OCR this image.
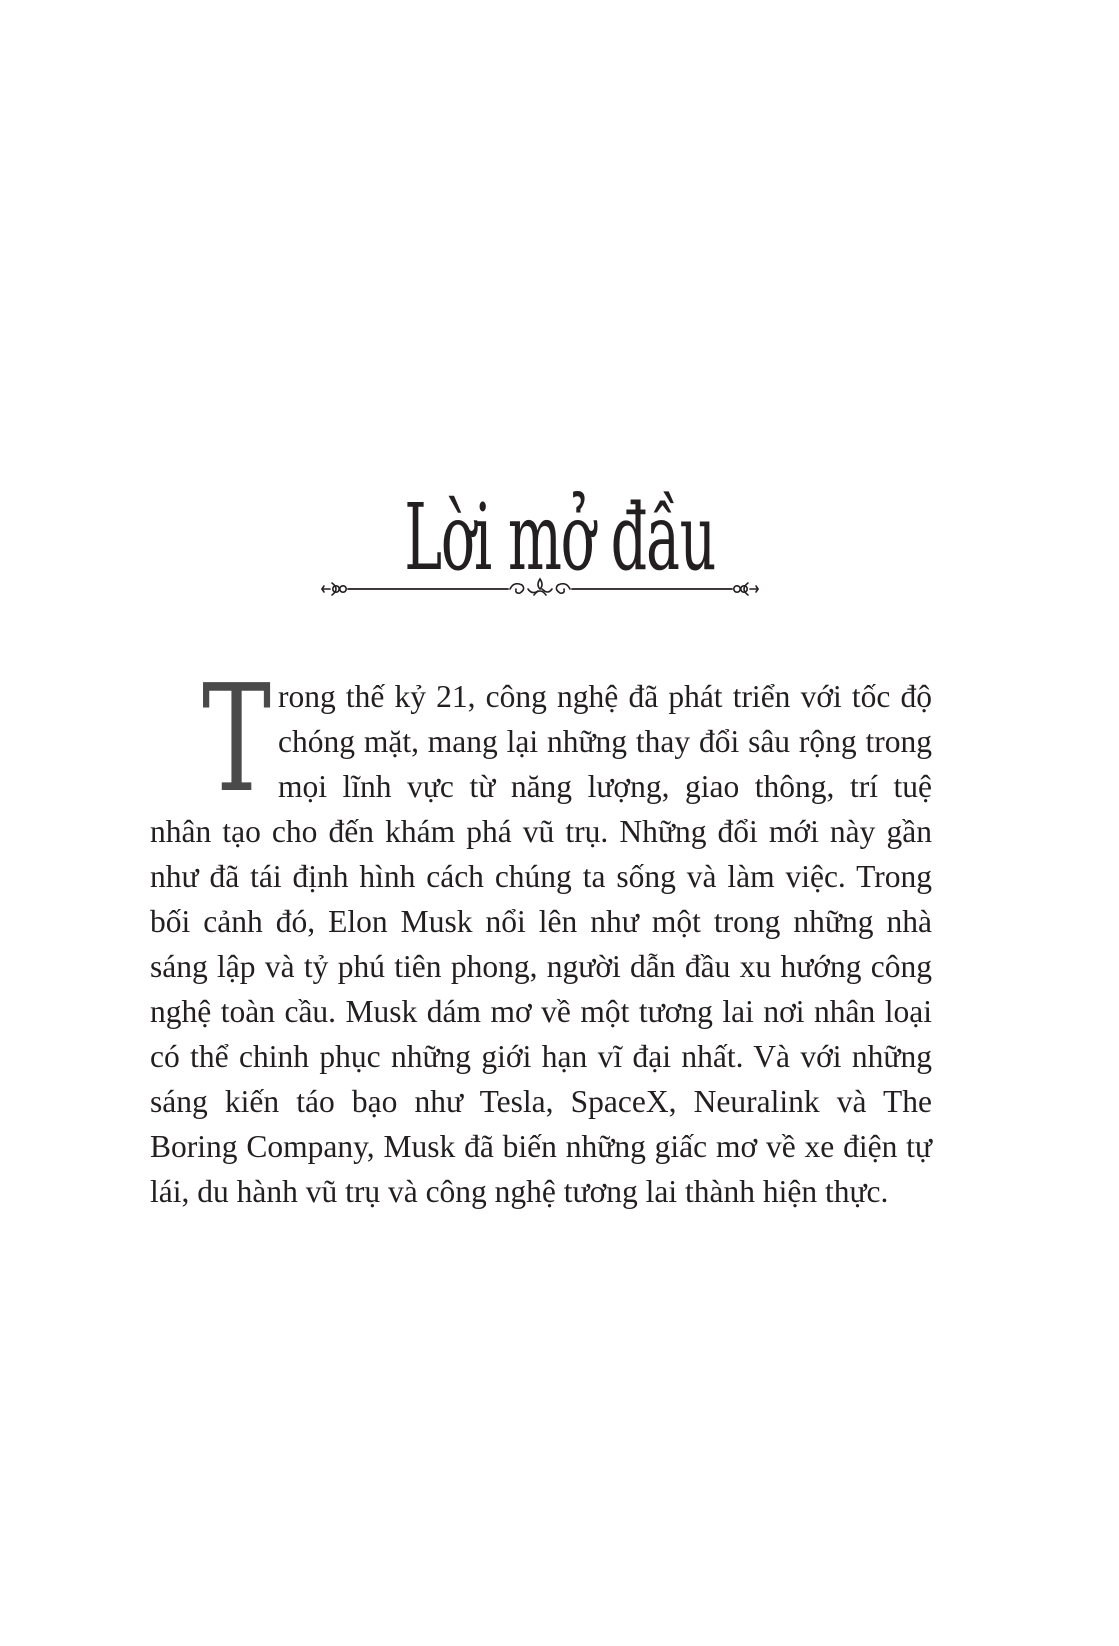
Lời mở đầu

Trong thế kỷ 21, công nghệ đã phát triển với tốc độ chóng mặt, mang lại những thay đổi sâu rộng trong mọi lĩnh vực từ năng lượng, giao thông, trí tuệ nhân tạo cho đến khám phá vũ trụ. Những đổi mới này gần như đã tái định hình cách chúng ta sống và làm việc. Trong bối cảnh đó, Elon Musk nổi lên như một trong những nhà sáng lập và tỷ phú tiên phong, người dẫn đầu xu hướng công nghệ toàn cầu. Musk dám mơ về một tương lai nơi nhân loại có thể chinh phục những giới hạn vĩ đại nhất. Và với những sáng kiến táo bạo như Tesla, SpaceX, Neuralink và The Boring Company, Musk đã biến những giấc mơ về xe điện tự lái, du hành vũ trụ và công nghệ tương lai thành hiện thực.
